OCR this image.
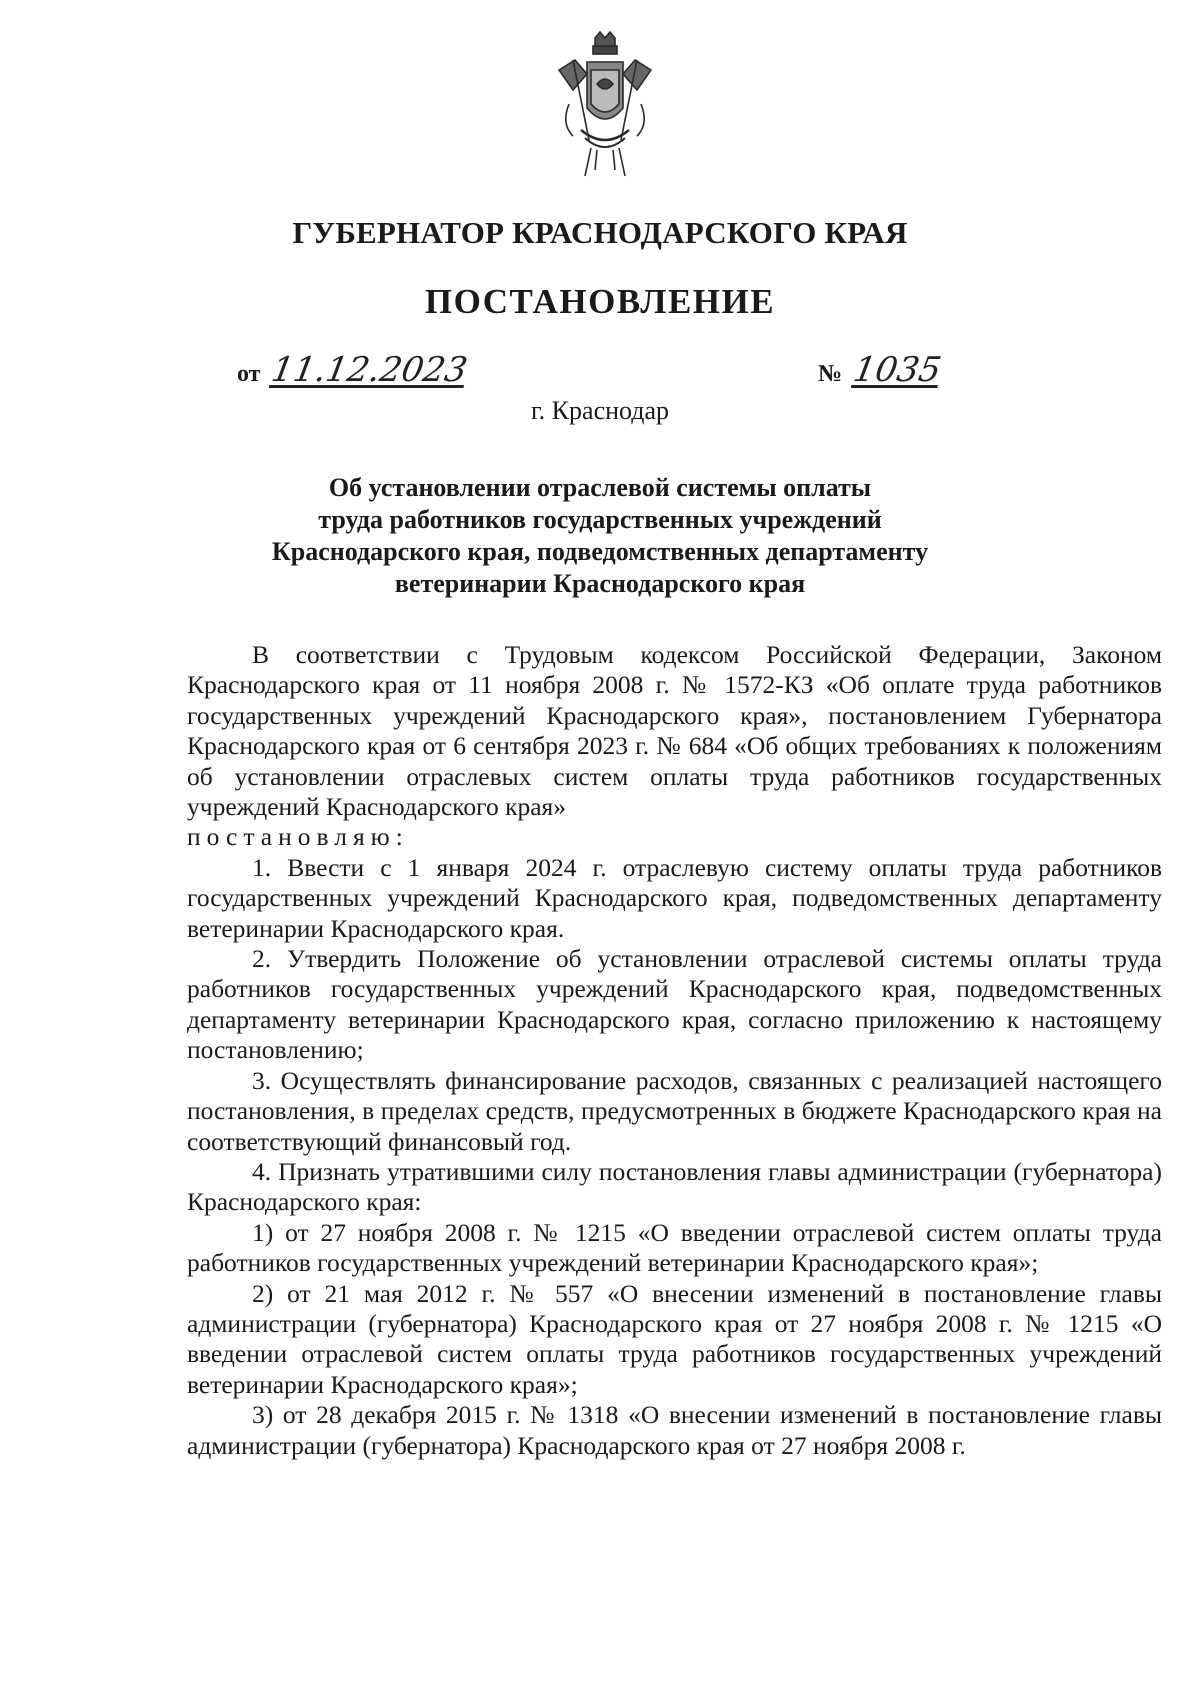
ГУБЕРНАТОР КРАСНОДАРСКОГО КРАЯ
ПОСТАНОВЛЕНИЕ
от 11.12.2023	№ 1035
г. Краснодар
Об установлении отраслевой системы оплаты
труда работников государственных учреждений
Краснодарского края, подведомственных департаменту
ветеринарии Краснодарского края

В соответствии с Трудовым кодексом Российской Федерации, Законом Краснодарского края от 11 ноября 2008 г. № 1572-КЗ «Об оплате труда работников государственных учреждений Краснодарского края», постановлением Губернатора Краснодарского края от 6 сентября 2023 г. № 684 «Об общих требованиях к положениям об установлении отраслевых систем оплаты труда работников государственных учреждений Краснодарского края»

постановляю:

1. Ввести с 1 января 2024 г. отраслевую систему оплаты труда работников государственных учреждений Краснодарского края, подведомственных департаменту ветеринарии Краснодарского края.

2. Утвердить Положение об установлении отраслевой системы оплаты труда работников государственных учреждений Краснодарского края, подведомственных департаменту ветеринарии Краснодарского края, согласно приложению к настоящему постановлению;

3. Осуществлять финансирование расходов, связанных с реализацией настоящего постановления, в пределах средств, предусмотренных в бюджете Краснодарского края на соответствующий финансовый год.

4. Признать утратившими силу постановления главы администрации (губернатора) Краснодарского края:

1) от 27 ноября 2008 г. № 1215 «О введении отраслевой систем оплаты труда работников государственных учреждений ветеринарии Краснодарского края»;

2) от 21 мая 2012 г. № 557 «О внесении изменений в постановление главы администрации (губернатора) Краснодарского края от 27 ноября 2008 г. № 1215 «О введении отраслевой систем оплаты труда работников государственных учреждений ветеринарии Краснодарского края»;

3) от 28 декабря 2015 г. № 1318 «О внесении изменений в постановление главы администрации (губернатора) Краснодарского края от 27 ноября 2008 г.
